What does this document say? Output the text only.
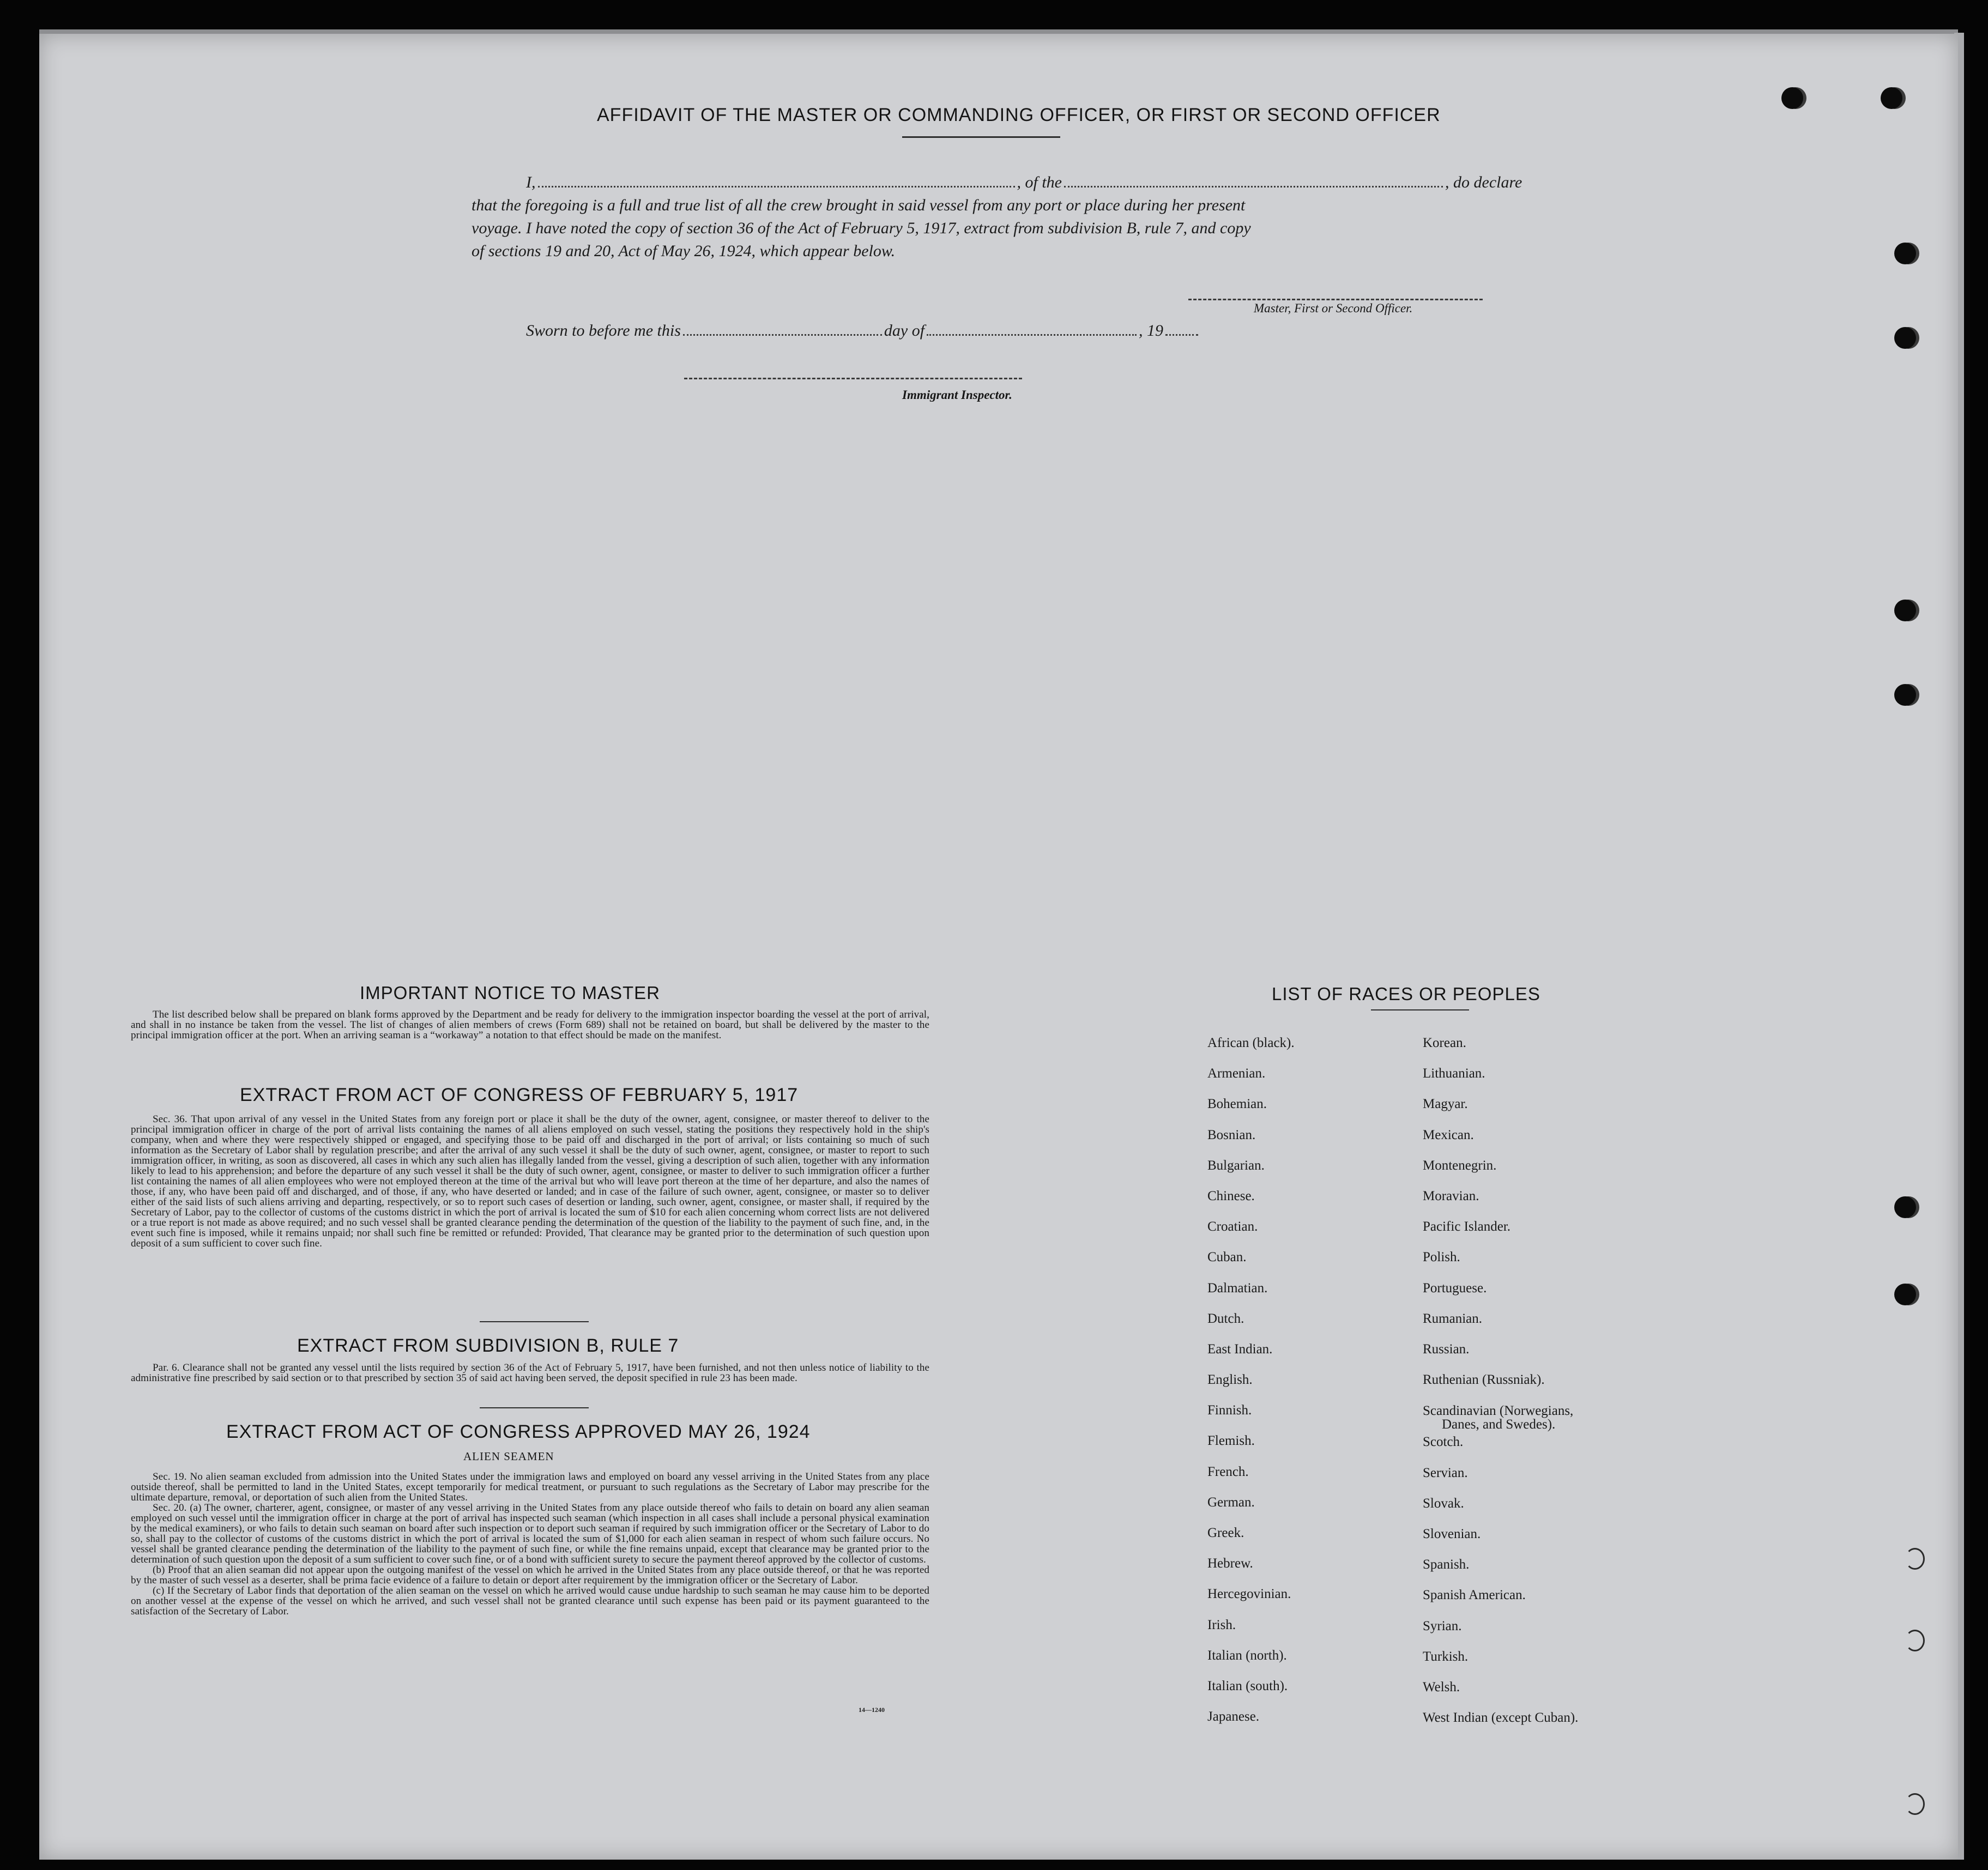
AFFIDAVIT OF THE MASTER OR COMMANDING OFFICER, OR FIRST OR SECOND OFFICER
I,	, of the	, do declare
that the foregoing is a full and true list of all the crew brought in said vessel from any port or place during her present
voyage. I have noted the copy of section 36 of the Act of February 5, 1917, extract from subdivision B, rule 7, and copy
of sections 19 and 20, Act of May 26, 1924, which appear below.
Master, First or Second Officer.
Sworn to before me this	day of	, 19
Immigrant Inspector.
IMPORTANT NOTICE TO MASTER

The list described below shall be prepared on blank forms approved by the Department and be ready for delivery to the immigration inspector boarding the vessel at the port of arrival, and shall in no instance be taken from the vessel. The list of changes of alien members of crews (Form 689) shall not be retained on board, but shall be delivered by the master to the principal immigration officer at the port. When an arriving seaman is a “workaway” a notation to that effect should be made on the manifest.

EXTRACT FROM ACT OF CONGRESS OF FEBRUARY 5, 1917

Sec. 36. That upon arrival of any vessel in the United States from any foreign port or place it shall be the duty of the owner, agent, consignee, or master thereof to deliver to the principal immigration officer in charge of the port of arrival lists containing the names of all aliens employed on such vessel, stating the positions they respectively hold in the ship's company, when and where they were respectively shipped or engaged, and specifying those to be paid off and discharged in the port of arrival; or lists containing so much of such information as the Secretary of Labor shall by regulation prescribe; and after the arrival of any such vessel it shall be the duty of such owner, agent, consignee, or master to report to such immigration officer, in writing, as soon as discovered, all cases in which any such alien has illegally landed from the vessel, giving a description of such alien, together with any information likely to lead to his apprehension; and before the departure of any such vessel it shall be the duty of such owner, agent, consignee, or master to deliver to such immigration officer a further list containing the names of all alien employees who were not employed thereon at the time of the arrival but who will leave port thereon at the time of her departure, and also the names of those, if any, who have been paid off and discharged, and of those, if any, who have deserted or landed; and in case of the failure of such owner, agent, consignee, or master so to deliver either of the said lists of such aliens arriving and departing, respectively, or so to report such cases of desertion or landing, such owner, agent, consignee, or master shall, if required by the Secretary of Labor, pay to the collector of customs of the customs district in which the port of arrival is located the sum of $10 for each alien concerning whom correct lists are not delivered or a true report is not made as above required; and no such vessel shall be granted clearance pending the determination of the question of the liability to the payment of such fine, and, in the event such fine is imposed, while it remains unpaid; nor shall such fine be remitted or refunded: Provided, That clearance may be granted prior to the determination of such question upon deposit of a sum sufficient to cover such fine.

EXTRACT FROM SUBDIVISION B, RULE 7

Par. 6. Clearance shall not be granted any vessel until the lists required by section 36 of the Act of February 5, 1917, have been furnished, and not then unless notice of liability to the administrative fine prescribed by said section or to that prescribed by section 35 of said act having been served, the deposit specified in rule 23 has been made.

EXTRACT FROM ACT OF CONGRESS APPROVED MAY 26, 1924
ALIEN SEAMEN

Sec. 19. No alien seaman excluded from admission into the United States under the immigration laws and employed on board any vessel arriving in the United States from any place outside thereof, shall be permitted to land in the United States, except temporarily for medical treatment, or pursuant to such regulations as the Secretary of Labor may prescribe for the ultimate departure, removal, or deportation of such alien from the United States.

Sec. 20. (a) The owner, charterer, agent, consignee, or master of any vessel arriving in the United States from any place outside thereof who fails to detain on board any alien seaman employed on such vessel until the immigration officer in charge at the port of arrival has inspected such seaman (which inspection in all cases shall include a personal physical examination by the medical examiners), or who fails to detain such seaman on board after such inspection or to deport such seaman if required by such immigration officer or the Secretary of Labor to do so, shall pay to the collector of customs of the customs district in which the port of arrival is located the sum of $1,000 for each alien seaman in respect of whom such failure occurs. No vessel shall be granted clearance pending the determination of the liability to the payment of such fine, or while the fine remains unpaid, except that clearance may be granted prior to the determination of such question upon the deposit of a sum sufficient to cover such fine, or of a bond with sufficient surety to secure the payment thereof approved by the collector of customs.

(b) Proof that an alien seaman did not appear upon the outgoing manifest of the vessel on which he arrived in the United States from any place outside thereof, or that he was reported by the master of such vessel as a deserter, shall be prima facie evidence of a failure to detain or deport after requirement by the immigration officer or the Secretary of Labor.

(c) If the Secretary of Labor finds that deportation of the alien seaman on the vessel on which he arrived would cause undue hardship to such seaman he may cause him to be deported on another vessel at the expense of the vessel on which he arrived, and such vessel shall not be granted clearance until such expense has been paid or its payment guaranteed to the satisfaction of the Secretary of Labor.

14—1240
LIST OF RACES OR PEOPLES
African (black).
Armenian.
Bohemian.
Bosnian.
Bulgarian.
Chinese.
Croatian.
Cuban.
Dalmatian.
Dutch.
East Indian.
English.
Finnish.
Flemish.
French.
German.
Greek.
Hebrew.
Hercegovinian.
Irish.
Italian (north).
Italian (south).
Japanese.
Korean.
Lithuanian.
Magyar.
Mexican.
Montenegrin.
Moravian.
Pacific Islander.
Polish.
Portuguese.
Rumanian.
Russian.
Ruthenian (Russniak).
Scandinavian (Norwegians,
Danes, and Swedes).
Scotch.
Servian.
Slovak.
Slovenian.
Spanish.
Spanish American.
Syrian.
Turkish.
Welsh.
West Indian (except Cuban).
